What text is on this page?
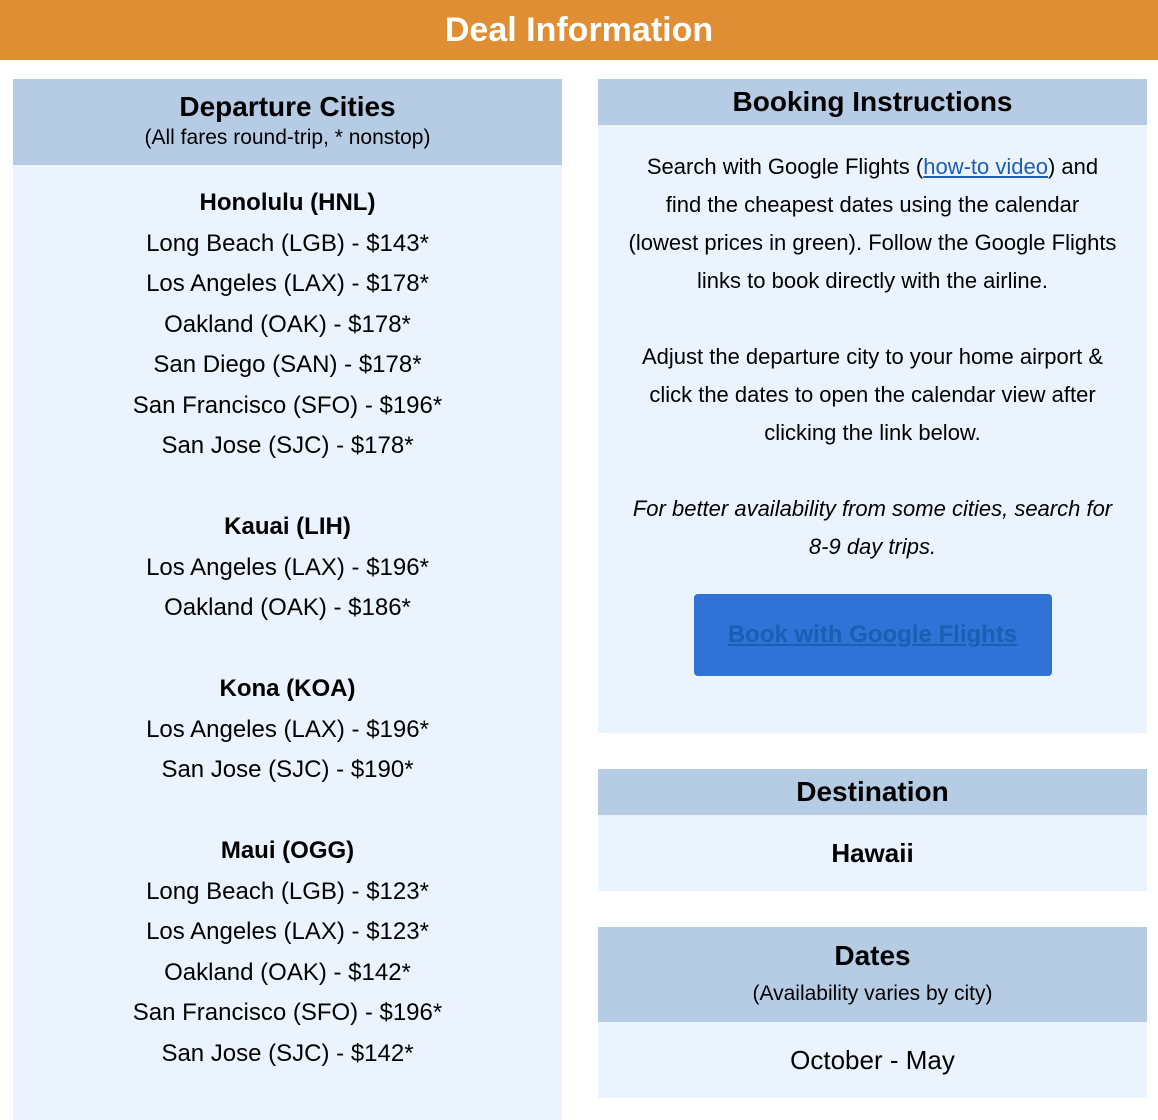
Deal Information
Departure Cities
(All fares round-trip, * nonstop)
Honolulu (HNL)
Long Beach (LGB) - $143*
Los Angeles (LAX) - $178*
Oakland (OAK) - $178*
San Diego (SAN) - $178*
San Francisco (SFO) - $196*
San Jose (SJC) - $178*
Kauai (LIH)
Los Angeles (LAX) - $196*
Oakland (OAK) - $186*
Kona (KOA)
Los Angeles (LAX) - $196*
San Jose (SJC) - $190*
Maui (OGG)
Long Beach (LGB) - $123*
Los Angeles (LAX) - $123*
Oakland (OAK) - $142*
San Francisco (SFO) - $196*
San Jose (SJC) - $142*
Booking Instructions

Search with Google Flights (how-to video) and find the cheapest dates using the calendar (lowest prices in green). Follow the Google Flights links to book directly with the airline.

Adjust the departure city to your home airport & click the dates to open the calendar view after clicking the link below.

For better availability from some cities, search for 8-9 day trips.

Book with Google Flights
Destination
Hawaii
Dates
(Availability varies by city)
October - May
